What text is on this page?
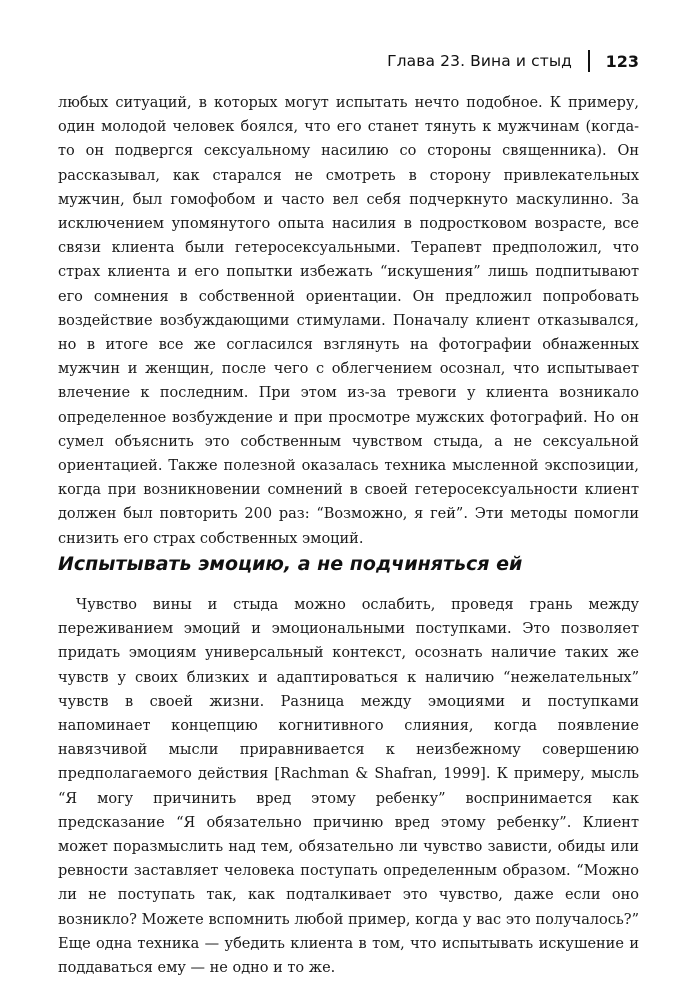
Глава 23. Вина и стыд 123

любых ситуаций, в которых могут испытать нечто подобное. К примеру, один молодой человек боялся, что его станет тянуть к мужчинам (когда-то он подвергся сексуальному насилию со стороны священника). Он рассказывал, как старался не смотреть в сторону привлекательных мужчин, был гомофобом и часто вел себя подчеркнуто маскулинно. За исключением упомянутого опыта насилия в подростковом возрасте, все связи клиента были гетеросексуальными. Терапевт предположил, что страх клиента и его попытки избежать “искушения” лишь подпитывают его сомнения в собственной ориентации. Он предложил попробовать воздействие возбуждающими стимулами. Поначалу клиент отказывался, но в итоге все же согласился взглянуть на фотографии обнаженных мужчин и женщин, после чего с облегчением осознал, что испытывает влечение к последним. При этом из-за тревоги у клиента возникало определенное возбуждение и при просмотре мужских фотографий. Но он сумел объяснить это собственным чувством стыда, а не сексуальной ориентацией. Также полезной оказалась техника мысленной экспозиции, когда при возникновении сомнений в своей гетеросексуальности клиент должен был повторить 200 раз: “Возможно, я гей”. Эти методы помогли снизить его страх собственных эмоций.

Испытывать эмоцию, а не подчиняться ей

Чувство вины и стыда можно ослабить, проведя грань между переживанием эмоций и эмоциональными поступками. Это позволяет придать эмоциям универсальный контекст, осознать наличие таких же чувств у своих близких и адаптироваться к наличию “нежелательных” чувств в своей жизни. Разница между эмоциями и поступками напоминает концепцию когнитивного слияния, когда появление навязчивой мысли приравнивается к неизбежному совершению предполагаемого действия [Rachman & Shafran, 1999]. К примеру, мысль “Я могу причинить вред этому ребенку” воспринимается как предсказание “Я обязательно причиню вред этому ребенку”. Клиент может поразмыслить над тем, обязательно ли чувство зависти, обиды или ревности заставляет человека поступать определенным образом. “Можно ли не поступать так, как подталкивает это чувство, даже если оно возникло? Можете вспомнить любой пример, когда у вас это получалось?” Еще одна техника — убедить клиента в том, что испытывать искушение и поддаваться ему — не одно и то же.
